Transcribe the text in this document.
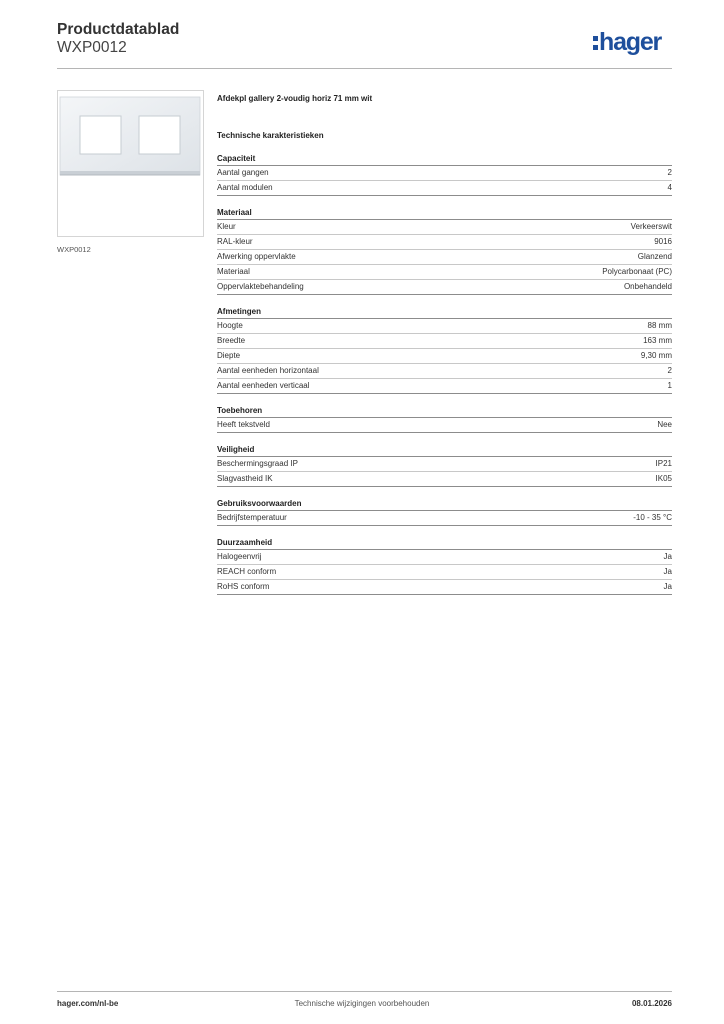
Productdatablad
WXP0012	hager
WXP0012
Afdekpl gallery 2-voudig horiz 71 mm wit
Technische karakteristieken
Capaciteit
Aantal gangen	2
Aantal modulen	4
Materiaal
Kleur	Verkeerswit
RAL-kleur	9016
Afwerking oppervlakte	Glanzend
Materiaal	Polycarbonaat (PC)
Oppervlaktebehandeling	Onbehandeld
Afmetingen
Hoogte	88 mm
Breedte	163 mm
Diepte	9,30 mm
Aantal eenheden horizontaal	2
Aantal eenheden verticaal	1
Toebehoren
Heeft tekstveld	Nee
Veiligheid
Beschermingsgraad IP	IP21
Slagvastheid IK	IK05
Gebruiksvoorwaarden
Bedrijfstemperatuur	-10 - 35 °C
Duurzaamheid
Halogeenvrij	Ja
REACH conform	Ja
RoHS conform	Ja
hager.com/nl-be	Technische wijzigingen voorbehouden	08.01.2026
